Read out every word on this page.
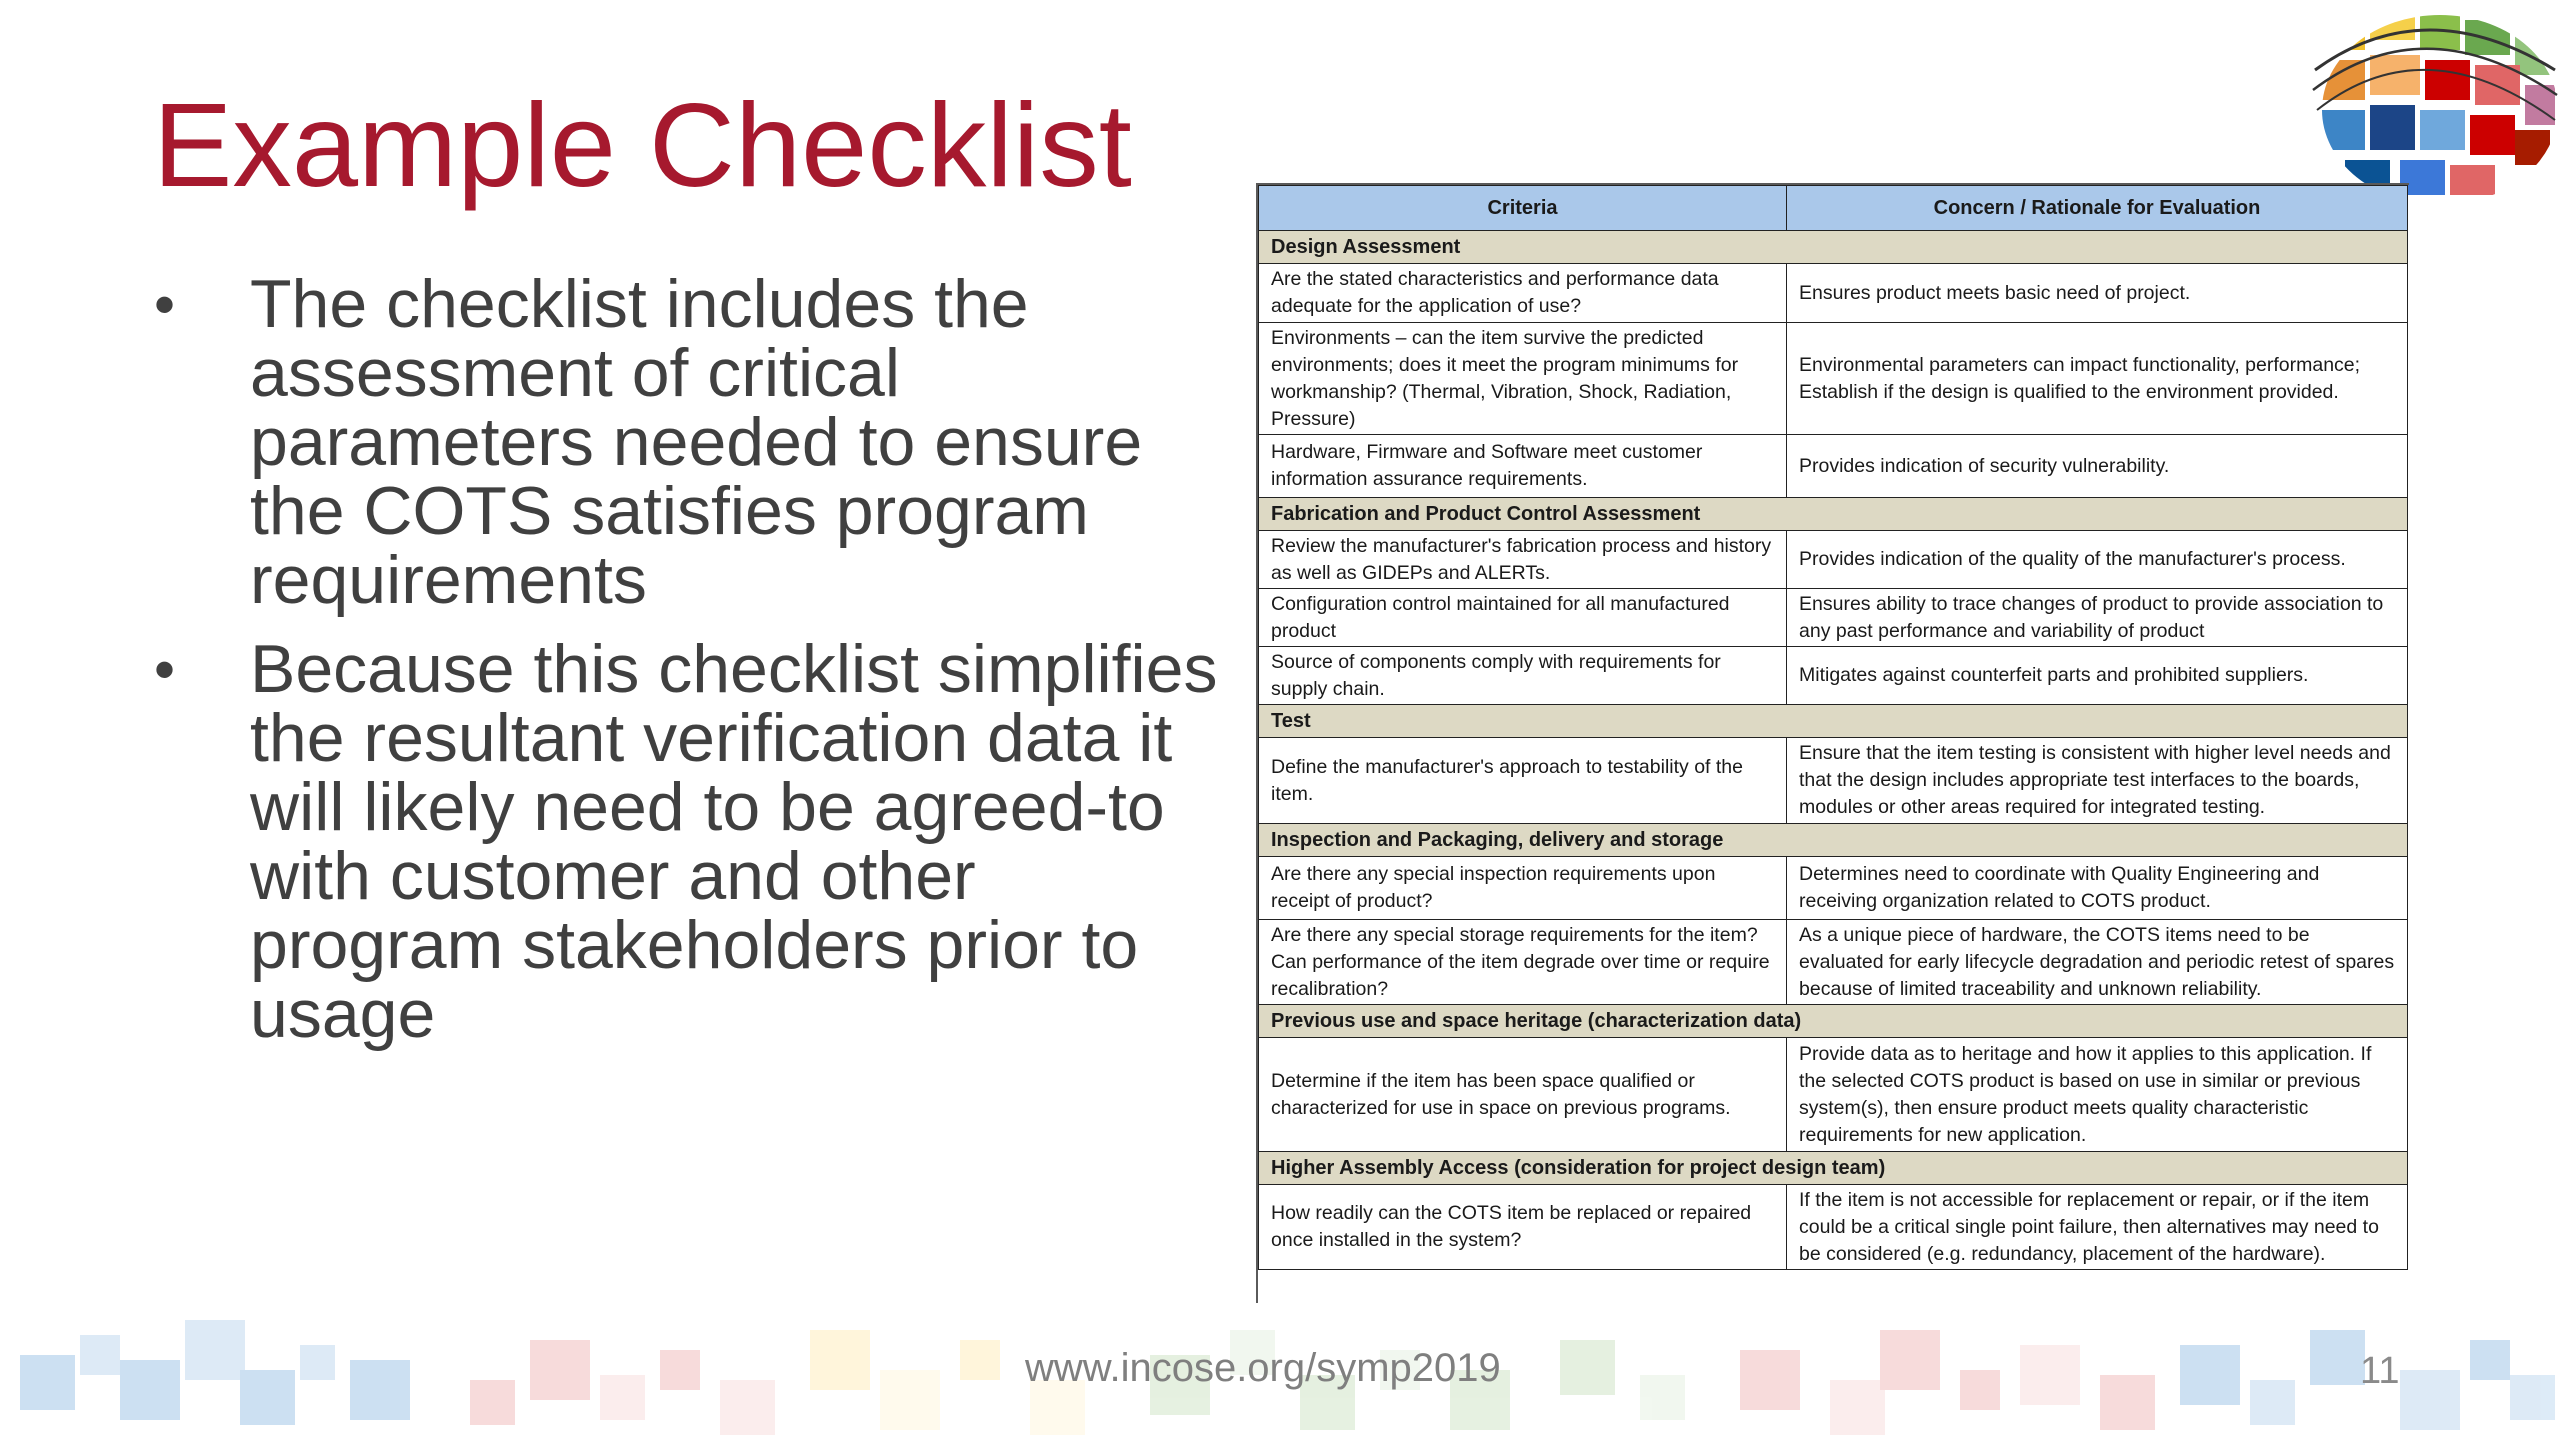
Example Checklist
• The checklist includes the assessment of critical parameters needed to ensure the COTS satisfies program requirements
• Because this checklist simplifies the resultant verification data it will likely need to be agreed-to with customer and other program stakeholders prior to usage
Criteria	Concern / Rationale for Evaluation
Design Assessment	
Are the stated characteristics and performance data adequate for the application of use?	Ensures product meets basic need of project.
Environments – can the item survive the predicted environments; does it meet the program minimums for workmanship? (Thermal, Vibration, Shock, Radiation, Pressure)	Environmental parameters can impact functionality, performance; Establish if the design is qualified to the environment provided.
Hardware, Firmware and Software meet customer information assurance requirements.	Provides indication of security vulnerability.
Fabrication and Product Control Assessment	
Review the manufacturer's fabrication process and history as well as GIDEPs and ALERTs.	Provides indication of the quality of the manufacturer's process.
Configuration control maintained for all manufactured product	Ensures ability to trace changes of product to provide association to any past performance and variability of product
Source of components comply with requirements for supply chain.	Mitigates against counterfeit parts and prohibited suppliers.
Test	
Define the manufacturer's approach to testability of the item.	Ensure that the item testing is consistent with higher level needs and that the design includes appropriate test interfaces to the boards, modules or other areas required for integrated testing.
Inspection and Packaging, delivery and storage	
Are there any special inspection requirements upon receipt of product?	Determines need to coordinate with Quality Engineering and receiving organization related to COTS product.
Are there any special storage requirements for the item? Can performance of the item degrade over time or require recalibration?	As a unique piece of hardware, the COTS items need to be evaluated for early lifecycle degradation and periodic retest of spares because of limited traceability and unknown reliability.
Previous use and space heritage (characterization data)	
Determine if the item has been space qualified or characterized for use in space on previous programs.	Provide data as to heritage and how it applies to this application. If the selected COTS product is based on use in similar or previous system(s), then ensure product meets quality characteristic requirements for new application.
Higher Assembly Access (consideration for project design team)	
How readily can the COTS item be replaced or repaired once installed in the system?	If the item is not accessible for replacement or repair, or if the item could be a critical single point failure, then alternatives may need to be considered (e.g. redundancy, placement of the hardware).
www.incose.org/symp2019	11
